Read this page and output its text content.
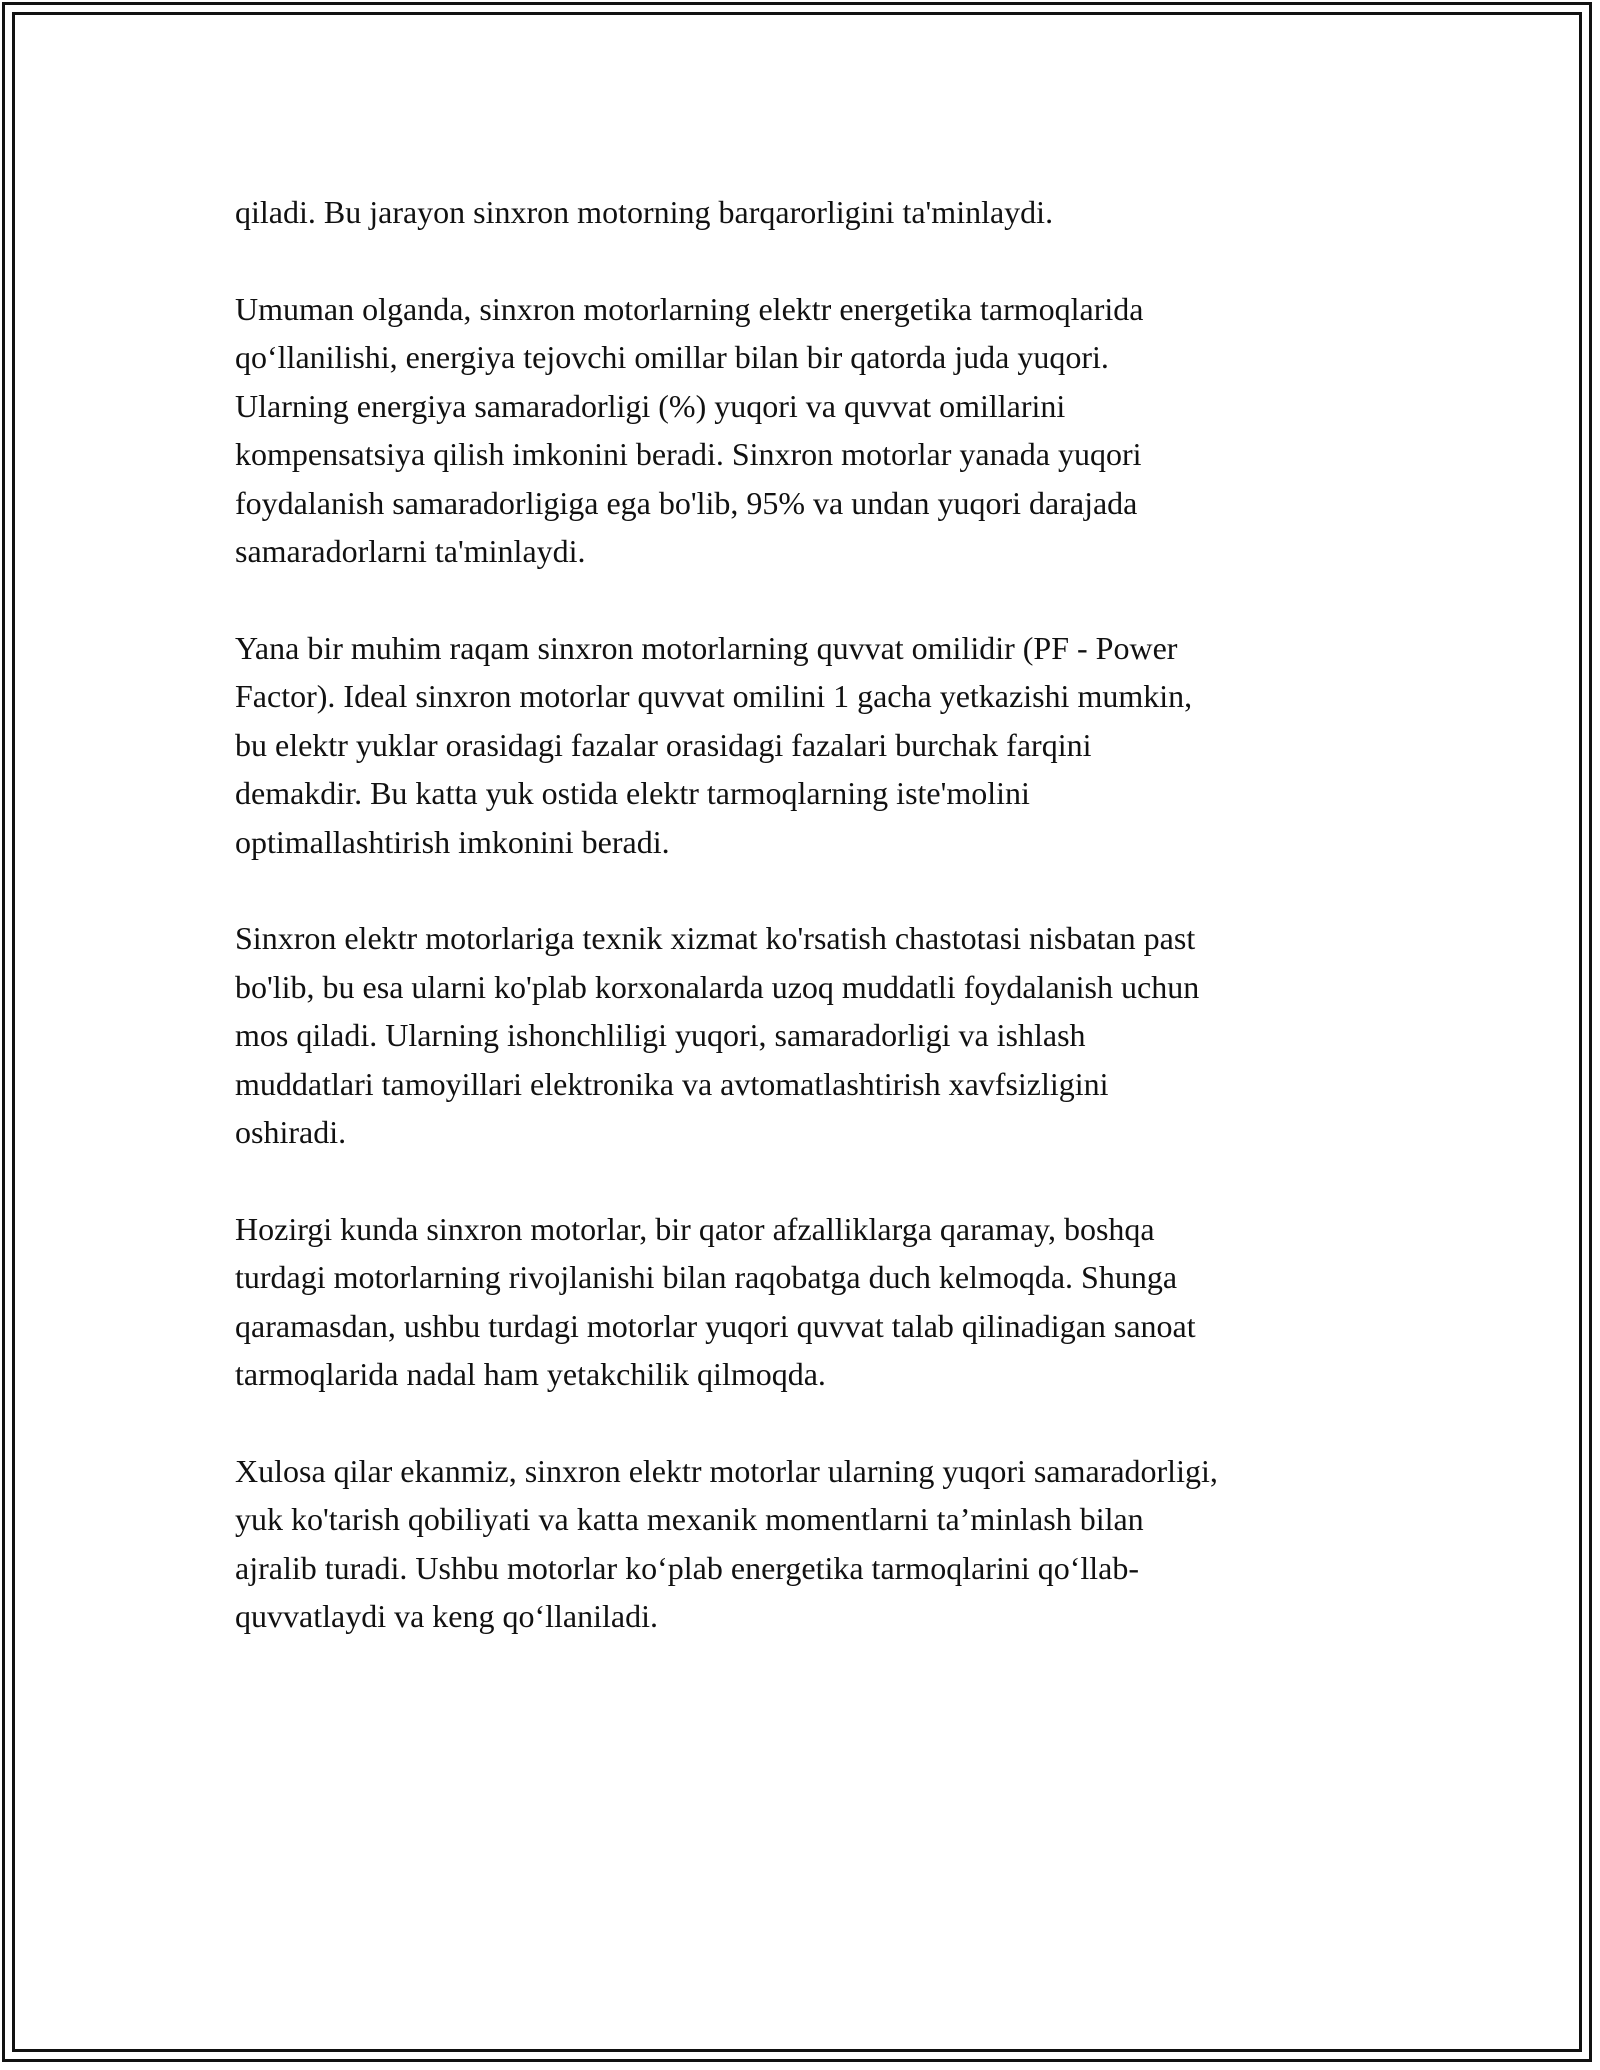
qiladi. Bu jarayon sinxron motorning barqarorligini ta'minlaydi.

Umuman olganda, sinxron motorlarning elektr energetika tarmoqlarida
qo‘llanilishi, energiya tejovchi omillar bilan bir qatorda juda yuqori.
Ularning energiya samaradorligi (%) yuqori va quvvat omillarini
kompensatsiya qilish imkonini beradi. Sinxron motorlar yanada yuqori
foydalanish samaradorligiga ega bo'lib, 95% va undan yuqori darajada
samaradorlarni ta'minlaydi.

Yana bir muhim raqam sinxron motorlarning quvvat omilidir (PF - Power
Factor). Ideal sinxron motorlar quvvat omilini 1 gacha yetkazishi mumkin,
bu elektr yuklar orasidagi fazalar orasidagi fazalari burchak farqini
demakdir. Bu katta yuk ostida elektr tarmoqlarning iste'molini
optimallashtirish imkonini beradi.

Sinxron elektr motorlariga texnik xizmat ko'rsatish chastotasi nisbatan past
bo'lib, bu esa ularni ko'plab korxonalarda uzoq muddatli foydalanish uchun
mos qiladi. Ularning ishonchliligi yuqori, samaradorligi va ishlash
muddatlari tamoyillari elektronika va avtomatlashtirish xavfsizligini
oshiradi.

Hozirgi kunda sinxron motorlar, bir qator afzalliklarga qaramay, boshqa
turdagi motorlarning rivojlanishi bilan raqobatga duch kelmoqda. Shunga
qaramasdan, ushbu turdagi motorlar yuqori quvvat talab qilinadigan sanoat
tarmoqlarida nadal ham yetakchilik qilmoqda.

Xulosa qilar ekanmiz, sinxron elektr motorlar ularning yuqori samaradorligi,
yuk ko'tarish qobiliyati va katta mexanik momentlarni ta’minlash bilan
ajralib turadi. Ushbu motorlar ko‘plab energetika tarmoqlarini qo‘llab-
quvvatlaydi va keng qo‘llaniladi.
